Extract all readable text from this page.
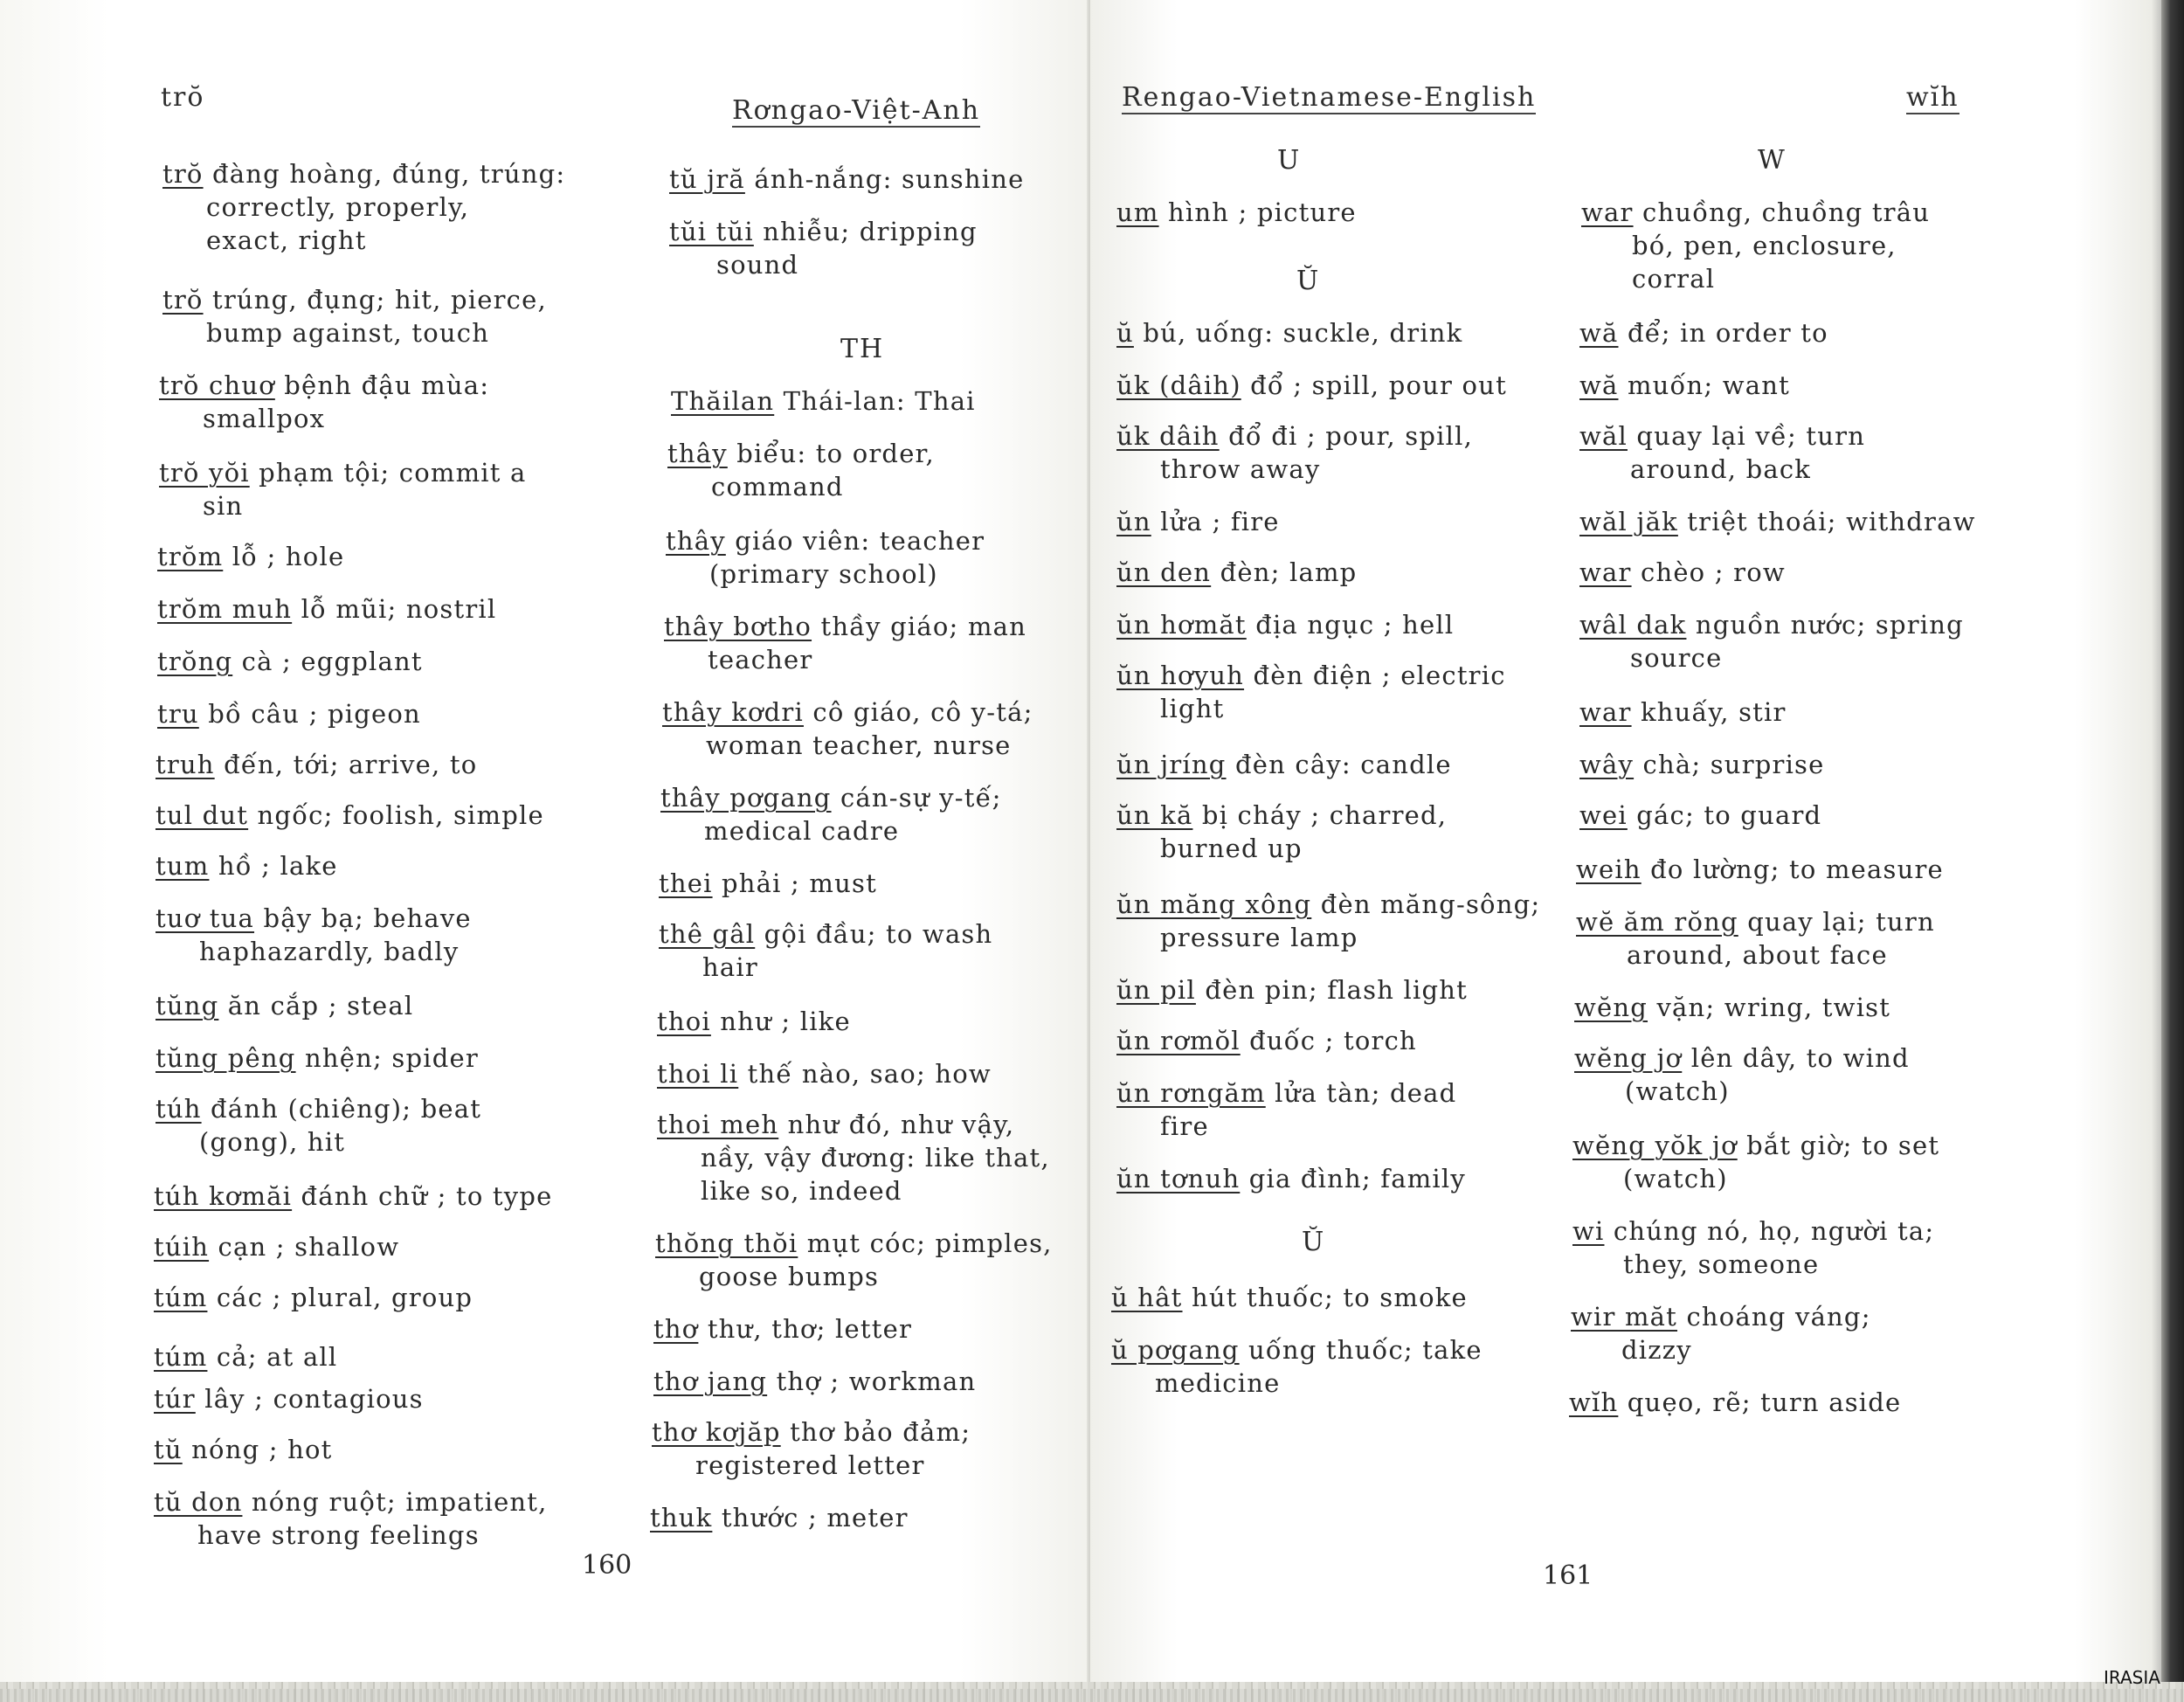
trŏ	Rơngao-Việt-Anh
trŏ đàng hoàng, đúng, trúng:
correctly, properly,
exact, right
trŏ trúng, đụng; hit, pierce,
bump against, touch
trŏ chuơ bệnh đậu mùa:
smallpox
trŏ yŏi phạm tội; commit a
sin
trŏm lỗ ; hole
trŏm muh lỗ mũi; nostril
trŏng cà ; eggplant
tru bồ câu ; pigeon
truh đến, tới; arrive, to
tul dut ngốc; foolish, simple
tum hồ ; lake
tuơ tua bậy bạ; behave
haphazardly, badly
tŭng ăn cắp ; steal
tŭng pêng nhện; spider
túh đánh (chiêng); beat
(gong), hit
túh kơmăi đánh chữ ; to type
túih cạn ; shallow
túm các ; plural, group
túm cả; at all
túr lây ; contagious
tŭ nóng ; hot
tŭ don nóng ruột; impatient,
have strong feelings
tŭ jră ánh-nắng: sunshine
tŭi tŭi nhiễu; dripping
sound
TH
Thăilan Thái-lan: Thai
thây biểu: to order,
command
thây giáo viên: teacher
(primary school)
thây bơtho thầy giáo; man
teacher
thây kơdri cô giáo, cô y-tá;
woman teacher, nurse
thây pơgang cán-sự y-tế;
medical cadre
thei phải ; must
thê gâl gội đầu; to wash
hair
thoi như ; like
thoi li thế nào, sao; how
thoi meh như đó, như vậy,
nầy, vậy đương: like that,
like so, indeed
thŏng thŏi mụt cóc; pimples,
goose bumps
thơ thư, thơ; letter
thơ jang thợ ; workman
thơ kơjăp thơ bảo đảm;
registered letter
thuk thước ; meter
160
Rengao-Vietnamese-English	wĭh
U
um hình ; picture
Ŭ
ŭ bú, uống: suckle, drink
ŭk (dâih) đổ ; spill, pour out
ŭk dâih đổ đi ; pour, spill,
throw away
ŭn lửa ; fire
ŭn den đèn; lamp
ŭn hơmăt địa ngục ; hell
ŭn hơyuh đèn điện ; electric
light
ŭn jríng đèn cây: candle
ŭn kă bị cháy ; charred,
burned up
ŭn măng xông đèn măng-sông;
pressure lamp
ŭn pil đèn pin; flash light
ŭn rơmŏl đuốc ; torch
ŭn rơngăm lửa tàn; dead
fire
ŭn tơnuh gia đình; family
Ŭ
ŭ hât hút thuốc; to smoke
ŭ pơgang uống thuốc; take
medicine
W
war chuồng, chuồng trâu
bó, pen, enclosure,
corral
wă để; in order to
wă muốn; want
wăl quay lại về; turn
around, back
wăl jăk triệt thoái; withdraw
war chèo ; row
wâl dak nguồn nước; spring
source
war khuấy, stir
wây chà; surprise
wei gác; to guard
weih đo lường; to measure
wĕ ăm rŏng quay lại; turn
around, about face
wĕng vặn; wring, twist
wĕng jơ lên dây, to wind
(watch)
wĕng yŏk jơ bắt giờ; to set
(watch)
wi chúng nó, họ, người ta;
they, someone
wir măt choáng váng;
dizzy
wĭh quẹo, rẽ; turn aside
161
IRASIA
